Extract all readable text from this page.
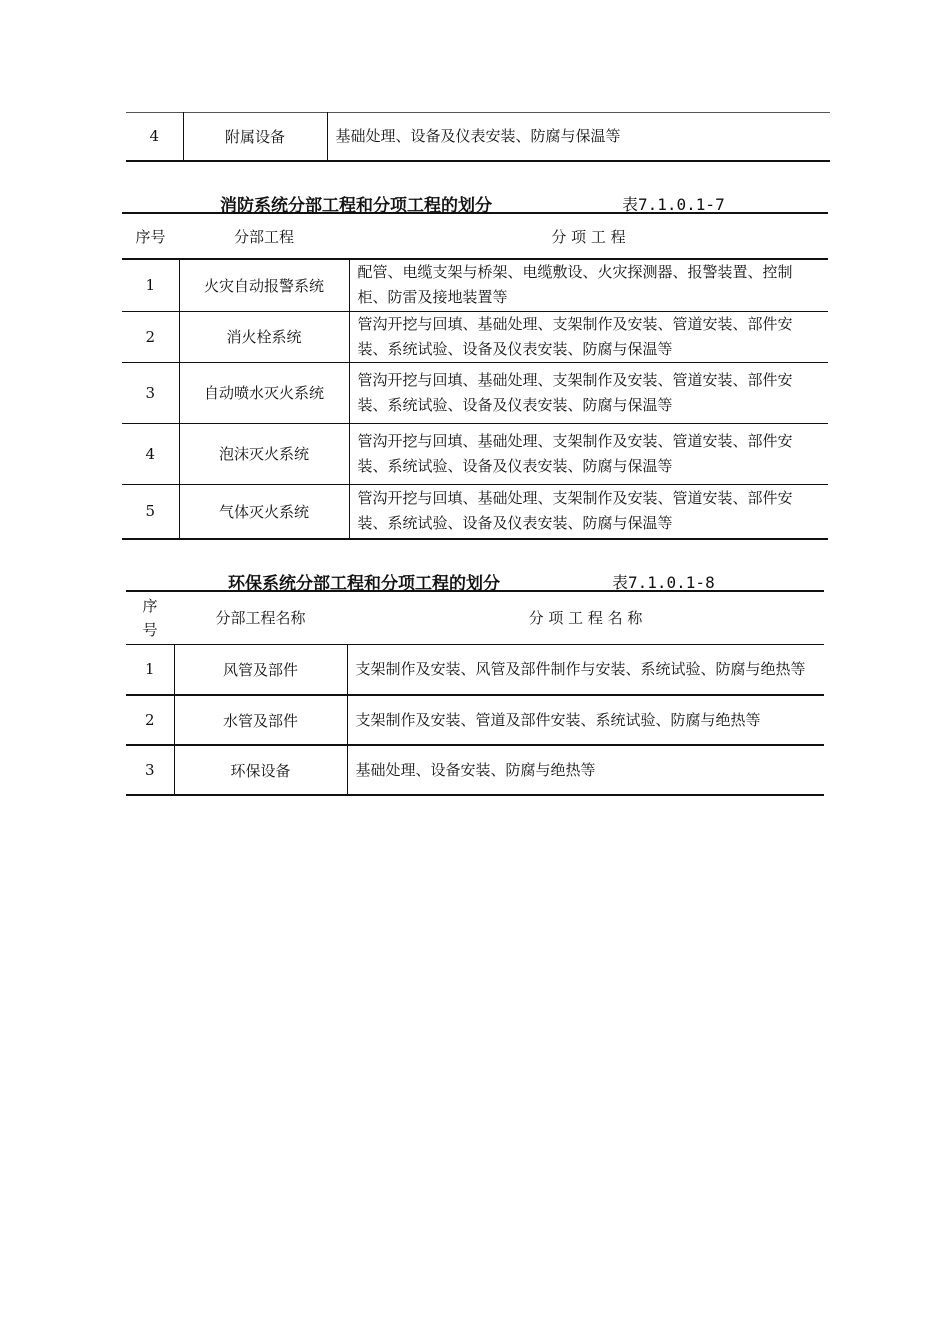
4	附属设备	基础处理、设备及仪表安装、防腐与保温等
消防系统分部工程和分项工程的划分	表7.1.0.1-7
序号	分部工程	分 项 工 程
1	火灾自动报警系统	配管、电缆支架与桥架、电缆敷设、火灾探测器、报警装置、控制柜、防雷及接地装置等
2	消火栓系统	管沟开挖与回填、基础处理、支架制作及安装、管道安装、部件安装、系统试验、设备及仪表安装、防腐与保温等
3	自动喷水灭火系统	管沟开挖与回填、基础处理、支架制作及安装、管道安装、部件安装、系统试验、设备及仪表安装、防腐与保温等
4	泡沫灭火系统	管沟开挖与回填、基础处理、支架制作及安装、管道安装、部件安装、系统试验、设备及仪表安装、防腐与保温等
5	气体灭火系统	管沟开挖与回填、基础处理、支架制作及安装、管道安装、部件安装、系统试验、设备及仪表安装、防腐与保温等
环保系统分部工程和分项工程的划分	表7.1.0.1-8
序
号	分部工程名称	分 项 工 程 名 称
1	风管及部件	支架制作及安装、风管及部件制作与安装、系统试验、防腐与绝热等
2	水管及部件	支架制作及安装、管道及部件安装、系统试验、防腐与绝热等
3	环保设备	基础处理、设备安装、防腐与绝热等
